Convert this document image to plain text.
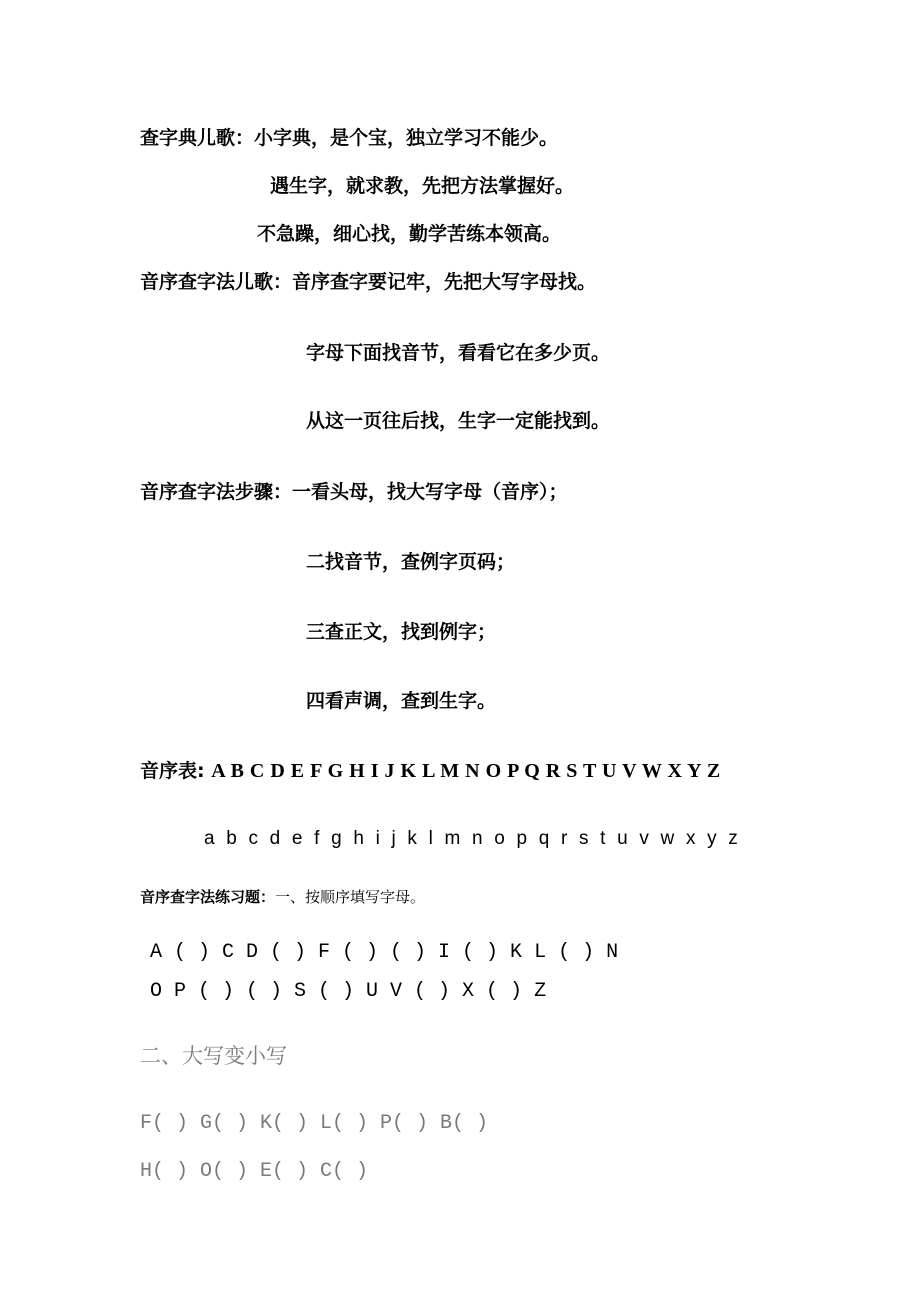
查字典儿歌：小字典，是个宝，独立学习不能少。

遇生字，就求教，先把方法掌握好。

不急躁，细心找，勤学苦练本领高。

音序查字法儿歌：音序查字要记牢，先把大写字母找。

字母下面找音节，看看它在多少页。

从这一页往后找，生字一定能找到。

音序查字法步骤：一看头母，找大写字母（音序）；

二找音节，查例字页码；

三查正文，找到例字；

四看声调，查到生字。

音序表: A B C D E F G H I J K L M N O P Q R S T U V W X Y Z

a b c d e f g h i j k l m n o p q r s t u v w x y z

音序查字法练习题：一、按顺序填写字母。

A ( ) C D ( ) F ( ) ( ) I ( ) K L ( ) N
O P ( ) ( ) S ( ) U V ( ) X ( ) Z

二、大写变小写

F( ) G( ) K( ) L( ) P( ) B( )
H( ) O( ) E( ) C( )
